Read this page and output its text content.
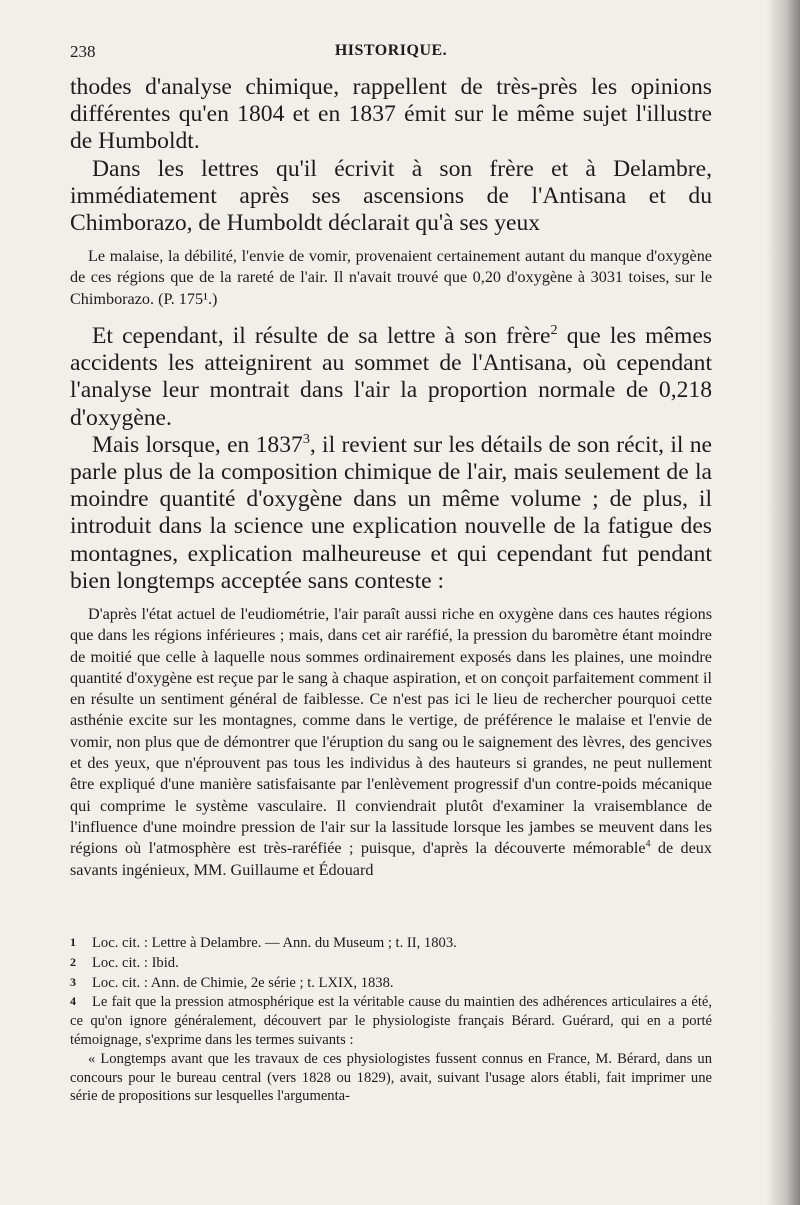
238	HISTORIQUE.

thodes d'analyse chimique, rappellent de très-près les opinions différentes qu'en 1804 et en 1837 émit sur le même sujet l'illustre de Humboldt.

Dans les lettres qu'il écrivit à son frère et à Delambre, immédiatement après ses ascensions de l'Antisana et du Chimborazo, de Humboldt déclarait qu'à ses yeux

Le malaise, la débilité, l'envie de vomir, provenaient certainement autant du manque d'oxygène de ces régions que de la rareté de l'air. Il n'avait trouvé que 0,20 d'oxygène à 3031 toises, sur le Chimborazo. (P. 175¹.)

Et cependant, il résulte de sa lettre à son frère$^2$ que les mêmes accidents les atteignirent au sommet de l'Antisana, où cependant l'analyse leur montrait dans l'air la proportion normale de 0,218 d'oxygène.

Mais lorsque, en 1837$^3$, il revient sur les détails de son récit, il ne parle plus de la composition chimique de l'air, mais seulement de la moindre quantité d'oxygène dans un même volume ; de plus, il introduit dans la science une explication nouvelle de la fatigue des montagnes, explication malheureuse et qui cependant fut pendant bien longtemps acceptée sans conteste :

D'après l'état actuel de l'eudiométrie, l'air paraît aussi riche en oxygène dans ces hautes régions que dans les régions inférieures ; mais, dans cet air raréfié, la pression du baromètre étant moindre de moitié que celle à laquelle nous sommes ordinairement exposés dans les plaines, une moindre quantité d'oxygène est reçue par le sang à chaque aspiration, et on conçoit parfaitement comment il en résulte un sentiment général de faiblesse. Ce n'est pas ici le lieu de rechercher pourquoi cette asthénie excite sur les montagnes, comme dans le vertige, de préférence le malaise et l'envie de vomir, non plus que de démontrer que l'éruption du sang ou le saignement des lèvres, des gencives et des yeux, que n'éprouvent pas tous les individus à des hauteurs si grandes, ne peut nullement être expliqué d'une manière satisfaisante par l'enlèvement progressif d'un contre-poids mécanique qui comprime le système vasculaire. Il conviendrait plutôt d'examiner la vraisemblance de l'influence d'une moindre pression de l'air sur la lassitude lorsque les jambes se meuvent dans les régions où l'atmosphère est très-raréfiée ; puisque, d'après la découverte mémorable$^4$ de deux savants ingénieux, MM. Guillaume et Édouard

1 Loc. cit. : Lettre à Delambre. — Ann. du Museum ; t. II, 1803.

2 Loc. cit. : Ibid.

3 Loc. cit. : Ann. de Chimie, 2e série ; t. LXIX, 1838.

4 Le fait que la pression atmosphérique est la véritable cause du maintien des adhérences articulaires a été, ce qu'on ignore généralement, découvert par le physiologiste français Bérard. Guérard, qui en a porté témoignage, s'exprime dans les termes suivants :

« Longtemps avant que les travaux de ces physiologistes fussent connus en France, M. Bérard, dans un concours pour le bureau central (vers 1828 ou 1829), avait, suivant l'usage alors établi, fait imprimer une série de propositions sur lesquelles l'argumenta-
